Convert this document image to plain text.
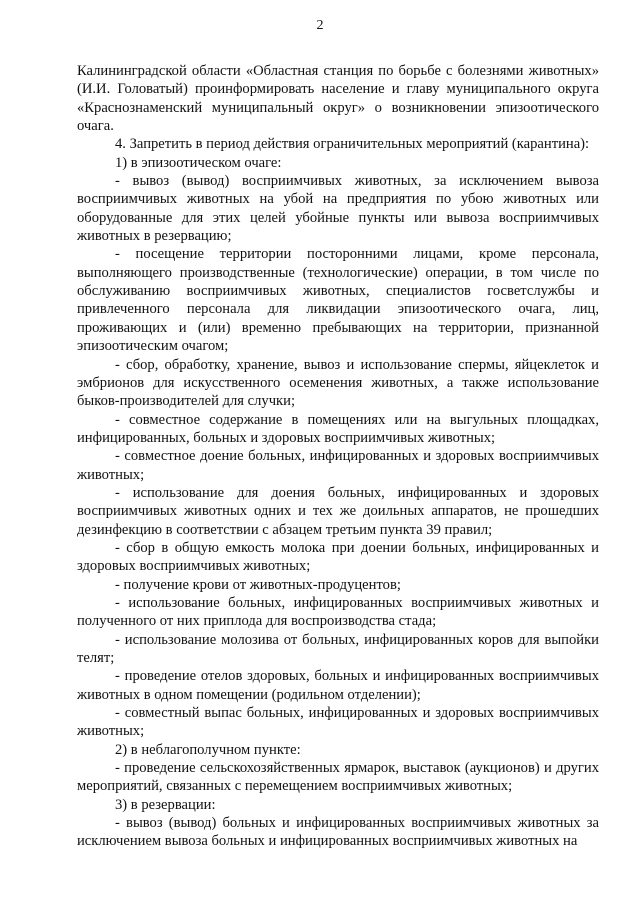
2

Калининградской области «Областная станция по борьбе с болезнями животных» (И.И. Головатый) проинформировать население и главу муниципального округа «Краснознаменский муниципальный округ» о возникновении эпизоотического очага.

4. Запретить в период действия ограничительных мероприятий (карантина):

1) в эпизоотическом очаге:

- вывоз (вывод) восприимчивых животных, за исключением вывоза восприимчивых животных на убой на предприятия по убою животных или оборудованные для этих целей убойные пункты или вывоза восприимчивых животных в резервацию;

- посещение территории посторонними лицами, кроме персонала, выполняющего производственные (технологические) операции, в том числе по обслуживанию восприимчивых животных, специалистов госветслужбы и привлеченного персонала для ликвидации эпизоотического очага, лиц, проживающих и (или) временно пребывающих на территории, признанной эпизоотическим очагом;

- сбор, обработку, хранение, вывоз и использование спермы, яйцеклеток и эмбрионов для искусственного осеменения животных, а также использование быков-производителей для случки;

- совместное содержание в помещениях или на выгульных площадках, инфицированных, больных и здоровых восприимчивых животных;

- совместное доение больных, инфицированных и здоровых восприимчивых животных;

- использование для доения больных, инфицированных и здоровых восприимчивых животных одних и тех же доильных аппаратов, не прошедших дезинфекцию в соответствии с абзацем третьим пункта 39 правил;

- сбор в общую емкость молока при доении больных, инфицированных и здоровых восприимчивых животных;

- получение крови от животных-продуцентов;

- использование больных, инфицированных восприимчивых животных и полученного от них приплода для воспроизводства стада;

- использование молозива от больных, инфицированных коров для выпойки телят;

- проведение отелов здоровых, больных и инфицированных восприимчивых животных в одном помещении (родильном отделении);

- совместный выпас больных, инфицированных и здоровых восприимчивых животных;

2) в неблагополучном пункте:

- проведение сельскохозяйственных ярмарок, выставок (аукционов) и других мероприятий, связанных с перемещением восприимчивых животных;

3) в резервации:

- вывоз (вывод) больных и инфицированных восприимчивых животных за исключением вывоза больных и инфицированных восприимчивых животных на
